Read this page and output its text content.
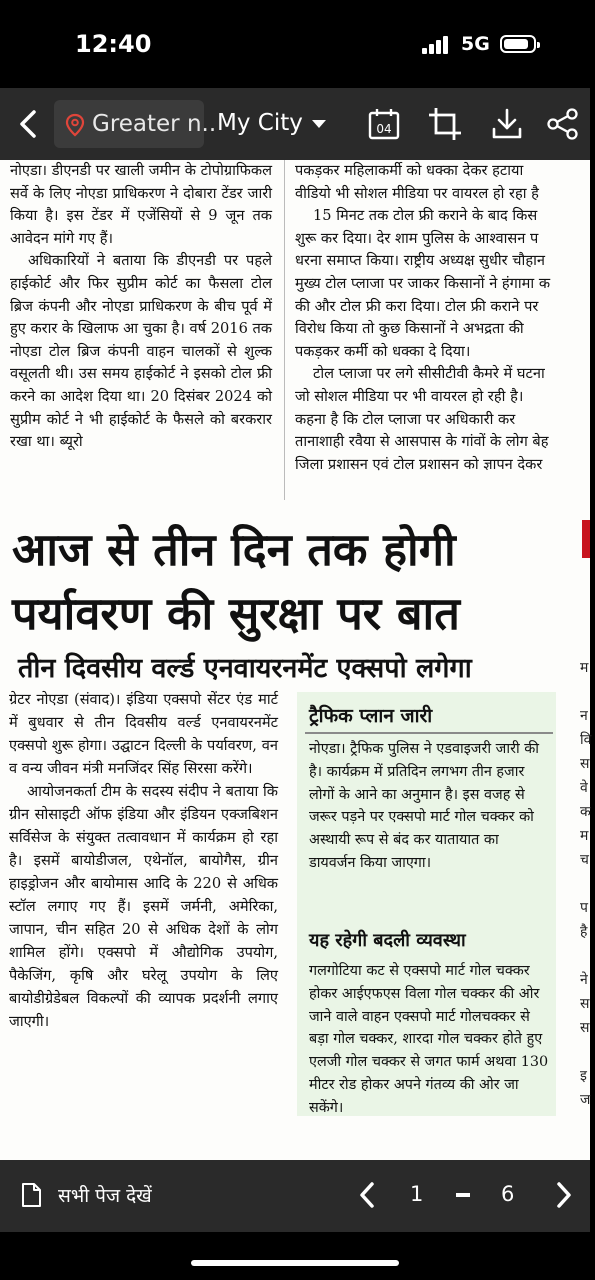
12:40	5G
Greater n.. My City	04

नोएडा। डीएनडी पर खाली जमीन के टोपोग्राफिकल सर्वे के लिए नोएडा प्राधिकरण ने दोबारा टेंडर जारी किया है। इस टेंडर में एजेंसियों से 9 जून तक आवेदन मांगे गए हैं।

अधिकारियों ने बताया कि डीएनडी पर पहले हाईकोर्ट और फिर सुप्रीम कोर्ट का फैसला टोल ब्रिज कंपनी और नोएडा प्राधिकरण के बीच पूर्व में हुए करार के खिलाफ आ चुका है। वर्ष 2016 तक नोएडा टोल ब्रिज कंपनी वाहन चालकों से शुल्क वसूलती थी। उस समय हाईकोर्ट ने इसको टोल फ्री करने का आदेश दिया था। 20 दिसंबर 2024 को सुप्रीम कोर्ट ने भी हाईकोर्ट के फैसले को बरकरार रखा था। ब्यूरो

पकड़कर महिलाकर्मी को धक्का देकर हटाया
वीडियो भी सोशल मीडिया पर वायरल हो रहा है
15 मिनट तक टोल फ्री कराने के बाद किस
शुरू कर दिया। देर शाम पुलिस के आश्वासन प
धरना समाप्त किया। राष्ट्रीय अध्यक्ष सुधीर चौहान
मुख्य टोल प्लाजा पर जाकर किसानों ने हंगामा क
की और टोल फ्री करा दिया। टोल फ्री कराने पर
विरोध किया तो कुछ किसानों ने अभद्रता की
पकड़कर कर्मी को धक्का दे दिया।
टोल प्लाजा पर लगे सीसीटीवी कैमरे में घटना
जो सोशल मीडिया पर भी वायरल हो रही है।
कहना है कि टोल प्लाजा पर अधिकारी कर
तानाशाही रवैया से आसपास के गांवों के लोग बेह
जिला प्रशासन एवं टोल प्रशासन को ज्ञापन देकर
आज से तीन दिन तक होगी
पर्यावरण की सुरक्षा पर बात
तीन दिवसीय वर्ल्ड एनवायरनमेंट एक्सपो लगेगा

ग्रेटर नोएडा (संवाद)। इंडिया एक्सपो सेंटर एंड मार्ट में बुधवार से तीन दिवसीय वर्ल्ड एनवायरनमेंट एक्सपो शुरू होगा। उद्घाटन दिल्ली के पर्यावरण, वन व वन्य जीवन मंत्री मनजिंदर सिंह सिरसा करेंगे।

आयोजनकर्ता टीम के सदस्य संदीप ने बताया कि ग्रीन सोसाइटी ऑफ इंडिया और इंडियन एक्जबिशन सर्विसेज के संयुक्त तत्वावधान में कार्यक्रम हो रहा है। इसमें बायोडीजल, एथेनॉल, बायोगैस, ग्रीन हाइड्रोजन और बायोमास आदि के 220 से अधिक स्टॉल लगाए गए हैं। इसमें जर्मनी, अमेरिका, जापान, चीन सहित 20 से अधिक देशों के लोग शामिल होंगे। एक्सपो में औद्योगिक उपयोग, पैकेजिंग, कृषि और घरेलू उपयोग के लिए बायोडीग्रेडेबल विकल्पों की व्यापक प्रदर्शनी लगाए जाएगी।

ट्रैफिक प्लान जारी
नोएडा। ट्रैफिक पुलिस ने एडवाइजरी जारी की है। कार्यक्रम में प्रतिदिन लगभग तीन हजार लोगों के आने का अनुमान है। इस वजह से जरूर पड़ने पर एक्सपो मार्ट गोल चक्कर को अस्थायी रूप से बंद कर यातायात का डायवर्जन किया जाएगा।
यह रहेगी बदली व्यवस्था
गलगोटिया कट से एक्सपो मार्ट गोल चक्कर होकर आईएफएस विला गोल चक्कर की ओर जाने वाले वाहन एक्सपो मार्ट गोलचक्कर से बड़ा गोल चक्कर, शारदा गोल चक्कर होते हुए एलजी गोल चक्कर से जगत फार्म अथवा 130 मीटर रोड होकर अपने गंतव्य की ओर जा सकेंगे।
म
न
वि
स
वे
क
म
च
प
है
ने
स
स
इ
ज
सभी पेज देखें	1	6
